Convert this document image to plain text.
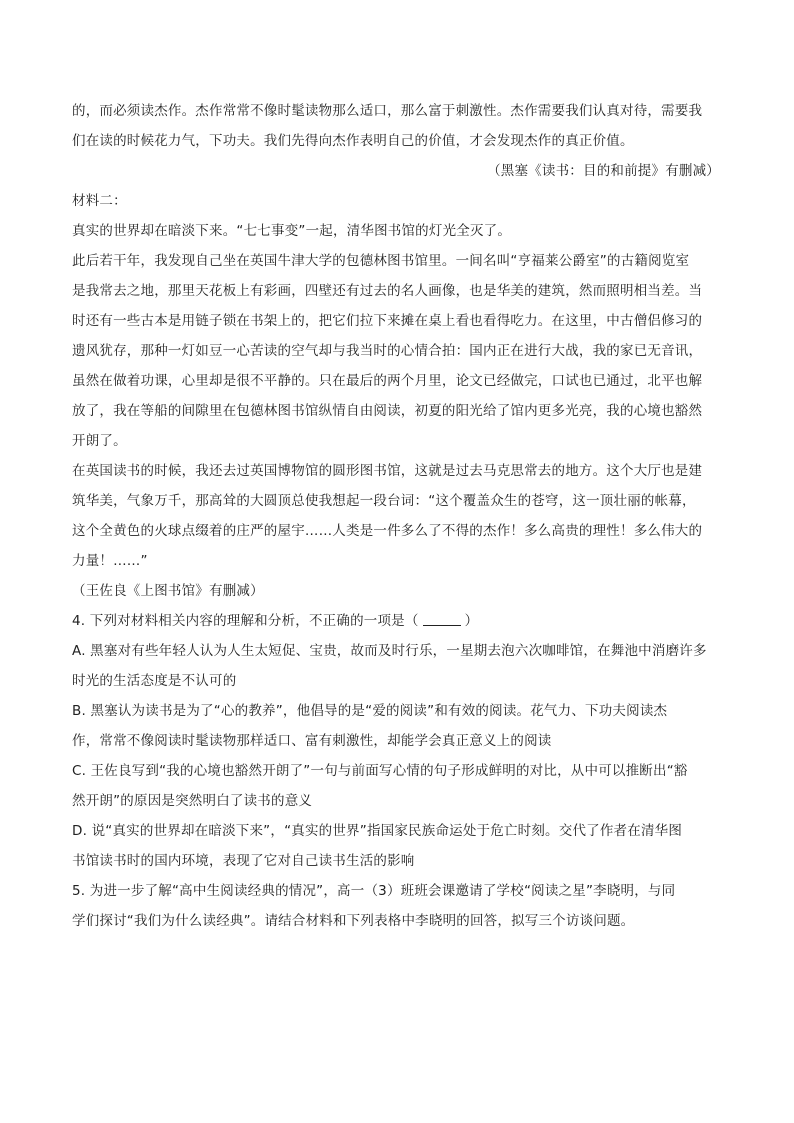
的，而必须读杰作。杰作常常不像时髦读物那么适口，那么富于刺激性。杰作需要我们认真对待，需要我
们在读的时候花力气，下功夫。我们先得向杰作表明自己的价值，才会发现杰作的真正价值。
（黑塞《读书：目的和前提》有删减）
材料二：
真实的世界却在暗淡下来。“七七事变”一起，清华图书馆的灯光全灭了。
此后若干年，我发现自己坐在英国牛津大学的包德林图书馆里。一间名叫“亨福莱公爵室”的古籍阅览室
是我常去之地，那里天花板上有彩画，四壁还有过去的名人画像，也是华美的建筑，然而照明相当差。当
时还有一些古本是用链子锁在书架上的，把它们拉下来摊在桌上看也看得吃力。在这里，中古僧侣修习的
遗风犹存，那种一灯如豆一心苦读的空气却与我当时的心情合拍：国内正在进行大战，我的家已无音讯，
虽然在做着功课，心里却是很不平静的。只在最后的两个月里，论文已经做完，口试也已通过，北平也解
放了，我在等船的间隙里在包德林图书馆纵情自由阅读，初夏的阳光给了馆内更多光亮，我的心境也豁然
开朗了。
在英国读书的时候，我还去过英国博物馆的圆形图书馆，这就是过去马克思常去的地方。这个大厅也是建
筑华美，气象万千，那高耸的大圆顶总使我想起一段台词：“这个覆盖众生的苍穹，这一顶壮丽的帐幕，
这个全黄色的火球点缀着的庄严的屋宇……人类是一件多么了不得的杰作！多么高贵的理性！多么伟大的
力量！……”
（王佐良《上图书馆》有删减）
4. 下列对材料相关内容的理解和分析，不正确的一项是（	）
A. 黑塞对有些年轻人认为人生太短促、宝贵，故而及时行乐，一星期去泡六次咖啡馆，在舞池中消磨许多
时光的生活态度是不认可的
B. 黑塞认为读书是为了“心的教养”，他倡导的是“爱的阅读”和有效的阅读。花气力、下功夫阅读杰
作，常常不像阅读时髦读物那样适口、富有刺激性，却能学会真正意义上的阅读
C. 王佐良写到“我的心境也豁然开朗了”一句与前面写心情的句子形成鲜明的对比，从中可以推断出“豁
然开朗”的原因是突然明白了读书的意义
D. 说“真实的世界却在暗淡下来”，“真实的世界”指国家民族命运处于危亡时刻。交代了作者在清华图
书馆读书时的国内环境，表现了它对自己读书生活的影响
5. 为进一步了解“高中生阅读经典的情况”，高一（3）班班会课邀请了学校“阅读之星”李晓明，与同
学们探讨“我们为什么读经典”。请结合材料和下列表格中李晓明的回答，拟写三个访谈问题。
